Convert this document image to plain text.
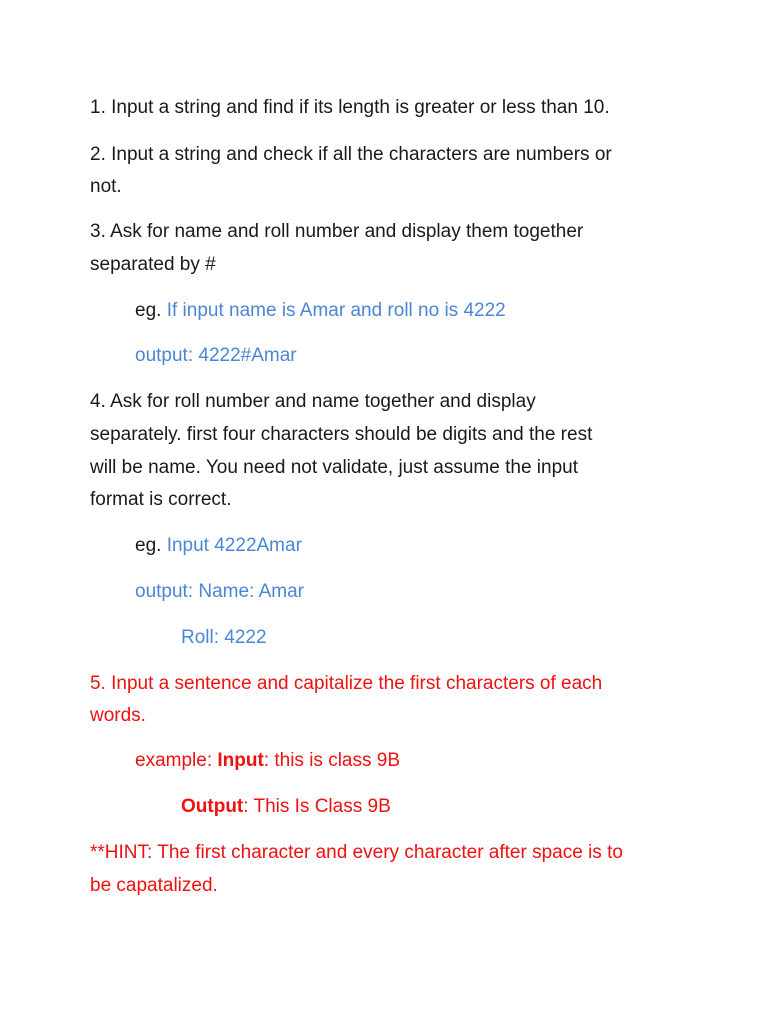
1. Input a string and find if its length is greater or less than 10.
2. Input a string and check if all the characters are numbers or
not.
3. Ask for name and roll number and display them together
separated by #
eg. If input name is Amar and roll no is 4222
output: 4222#Amar
4. Ask for roll number and name together and display
separately. first four characters should be digits and the rest
will be name. You need not validate, just assume the input
format is correct.
eg. Input 4222Amar
output: Name: Amar
Roll: 4222
5. Input a sentence and capitalize the first characters of each
words.
example: Input: this is class 9B
Output: This Is Class 9B
**HINT: The first character and every character after space is to
be capatalized.
